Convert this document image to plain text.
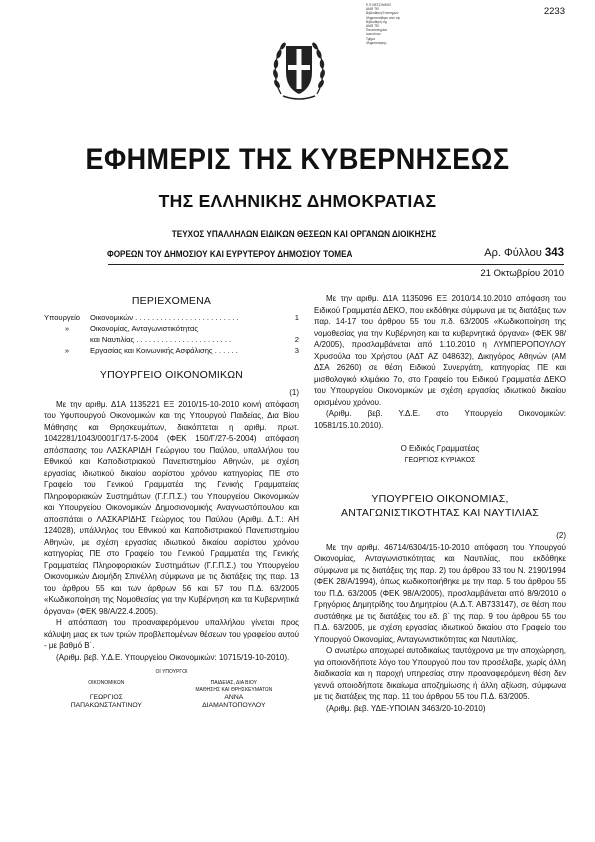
Ε.Π.ΘΕΣΣ/ΝΙΚΗΣ
ΑΜΘ ΤΕΙ
Βιβλιοθήκη Επιστημών
Ψηφιοποιήθηκε από την
Βιβλιοθήκη της
ΑΜΘ ΤΕΙ
Πανεπιστημίου
Ιωαννίνων
Τμήμα
Ψηφιοποίησης
2233
ΕΦΗΜΕΡΙΣ ΤΗΣ ΚΥΒΕΡΝΗΣΕΩΣ
ΤΗΣ ΕΛΛΗΝΙΚΗΣ ΔΗΜΟΚΡΑΤΙΑΣ
ΤΕΥΧΟΣ ΥΠΑΛΛΗΛΩΝ ΕΙΔΙΚΩΝ ΘΕΣΕΩΝ ΚΑΙ ΟΡΓΑΝΩΝ ΔΙΟΙΚΗΣΗΣ
ΦΟΡΕΩΝ ΤΟΥ ΔΗΜΟΣΙΟΥ ΚΑΙ ΕΥΡΥΤΕΡΟΥ ΔΗΜΟΣΙΟΥ ΤΟΜΕΑ	Αρ. Φύλλου 343
21 Οκτωβρίου 2010

ΠΕΡΙΕΧΟΜΕΝΑ

Υπουργείο	Οικονομικών . . . . . . . . . . . . . . . . . . . . . . . . .	1
»	Οικονομίας, Ανταγωνιστικότητας
και Ναυτιλίας . . . . . . . . . . . . . . . . . . . . . . .	2
»	Εργασίας και Κοινωνικής Ασφάλισης . . . . . .	3

ΥΠΟΥΡΓΕΙΟ ΟΙΚΟΝΟΜΙΚΩΝ

(1)

Με την αριθμ. Δ1Α 1135221 ΕΞ 2010/15-10-2010 κοινή απόφαση του Υφυπουργού Οικονομικών και της Υπουργού Παιδείας, Δια Βίου Μάθησης και Θρησκευμάτων, διακόπτεται η αριθμ. πρωτ. 1042281/1043/0001Γ/17-5-2004 (ΦΕΚ 150/Γ/27-5-2004) απόφαση απόσπασης του ΛΑΣΚΑΡΙΔΗ Γεώργιου του Παύλου, υπαλλήλου του Εθνικού και Καποδιστριακού Πανεπιστημίου Αθηνών, με σχέση εργασίας ιδιωτικού δικαίου αορίστου χρόνου κατηγορίας ΠΕ στο Γραφείο του Γενικού Γραμματέα της Γενικής Γραμματείας Πληροφοριακών Συστημάτων (Γ.Γ.Π.Σ.) του Υπουργείου Οικονομικών και Υπουργείου Οικονομικών Δημοσιονομικής Αναγνωστόπουλου και αποσπάται ο ΛΑΣΚΑΡΙΔΗΣ Γεώργιος του Παύλου (Αριθμ. Δ.Τ.: ΑΗ 124028), υπάλληλος του Εθνικού και Καποδιστριακού Πανεπιστημίου Αθηνών, με σχέση εργασίας ιδιωτικού δικαίου αορίστου χρόνου κατηγορίας ΠΕ στο Γραφείο του Γενικού Γραμματέα της Γενικής Γραμματείας Πληροφοριακών Συστημάτων (Γ.Γ.Π.Σ.) του Υπουργείου Οικονομικών Διομήδη Σπινέλλη σύμφωνα με τις διατάξεις της παρ. 13 του άρθρου 55 και των άρθρων 56 και 57 του Π.Δ. 63/2005 «Κωδικοποίηση της Νομοθεσίας για την Κυβέρνηση και τα Κυβερνητικά όργανα» (ΦΕΚ 98/Α/22.4.2005).

Η απόσπαση του προαναφερόμενου υπαλλήλου γίνεται προς κάλυψη μιας εκ των τριών προβλεπομένων θέσεων του γραφείου αυτού - με βαθμό Β΄.

(Αριθμ. βεβ. Υ.Δ.Ε. Υπουργείου Οικονομικών: 10715/19-10-2010).

ΟΙ ΥΠΟΥΡΓΟΙ

ΟΙΚΟΝΟΜΙΚΩΝ

ΓΕΩΡΓΙΟΣ
ΠΑΠΑΚΩΝΣΤΑΝΤΙΝΟΥ
ΠΑΙΔΕΙΑΣ, ΔΙΑ ΒΙΟΥ
ΜΑΘΗΣΗΣ ΚΑΙ ΘΡΗΣΚΕΥΜΑΤΩΝ
ΑΝΝΑ
ΔΙΑΜΑΝΤΟΠΟΥΛΟΥ

Με την αριθμ. Δ1Α 1135096 ΕΞ 2010/14.10.2010 απόφαση του Ειδικού Γραμματέα ΔΕΚΟ, που εκδόθηκε σύμφωνα με τις διατάξεις των παρ. 14-17 του άρθρου 55 του π.δ. 63/2005 «Κωδικοποίηση της νομοθεσίας για την Κυβέρνηση και τα κυβερνητικά όργανα» (ΦΕΚ 98/Α/2005), προσλαμβάνεται από 1.10.2010 η ΛΥΜΠΕΡΟΠΟΥΛΟΥ Χρυσούλα του Χρήστου (ΑΔΤ ΑΖ 048632), Δικηγόρος Αθηνών (ΑΜ ΔΣΑ 26260) σε θέση Ειδικού Συνεργάτη, κατηγορίας ΠΕ και μισθολογικό κλιμάκιο 7ο, στο Γραφείο του Ειδικού Γραμματέα ΔΕΚΟ του Υπουργείου Οικονομικών με σχέση εργασίας ιδιωτικού δικαίου ορισμένου χρόνου.

(Αριθμ. βεβ. Υ.Δ.Ε. στο Υπουργείο Οικονομικών: 10581/15.10.2010).

Ο Ειδικός Γραμματέας

ΓΕΩΡΓΙΟΣ ΚΥΡΙΑΚΟΣ

ΥΠΟΥΡΓΕΙΟ ΟΙΚΟΝΟΜΙΑΣ,
ΑΝΤΑΓΩΝΙΣΤΙΚΟΤΗΤΑΣ ΚΑΙ ΝΑΥΤΙΛΙΑΣ

(2)

Με την αριθμ. 46714/6304/15-10-2010 απόφαση του Υπουργού Οικονομίας, Ανταγωνιστικότητας και Ναυτιλίας, που εκδόθηκε σύμφωνα με τις διατάξεις της παρ. 2) του άρθρου 33 του Ν. 2190/1994 (ΦΕΚ 28/Α/1994), όπως κωδικοποιήθηκε με την παρ. 5 του άρθρου 55 του Π.Δ. 63/2005 (ΦΕΚ 98/Α/2005), προσλαμβάνεται από 8/9/2010 ο Γρηγόριος Δημητρίδης του Δημητρίου (Α.Δ.Τ. ΑΒ733147), σε θέση που συστάθηκε με τις διατάξεις του εδ. β΄ της παρ. 9 του άρθρου 55 του Π.Δ. 63/2005, με σχέση εργασίας ιδιωτικού δικαίου στο Γραφείο του Υπουργού Οικονομίας, Ανταγωνιστικότητας και Ναυτιλίας.

Ο ανωτέρω αποχωρεί αυτοδικαίως ταυτόχρονα με την αποχώρηση, για οποιονδήποτε λόγο του Υπουργού που τον προσέλαβε, χωρίς άλλη διαδικασία και η παροχή υπηρεσίας στην προαναφερόμενη θέση δεν γεννά οποιοδήποτε δικαίωμα αποζημίωσης ή άλλη αξίωση, σύμφωνα με τις διατάξεις της παρ. 11 του άρθρου 55 του Π.Δ. 63/2005.

(Αριθμ. βεβ. ΥΔΕ-ΥΠΟΙΑΝ 3463/20-10-2010)
